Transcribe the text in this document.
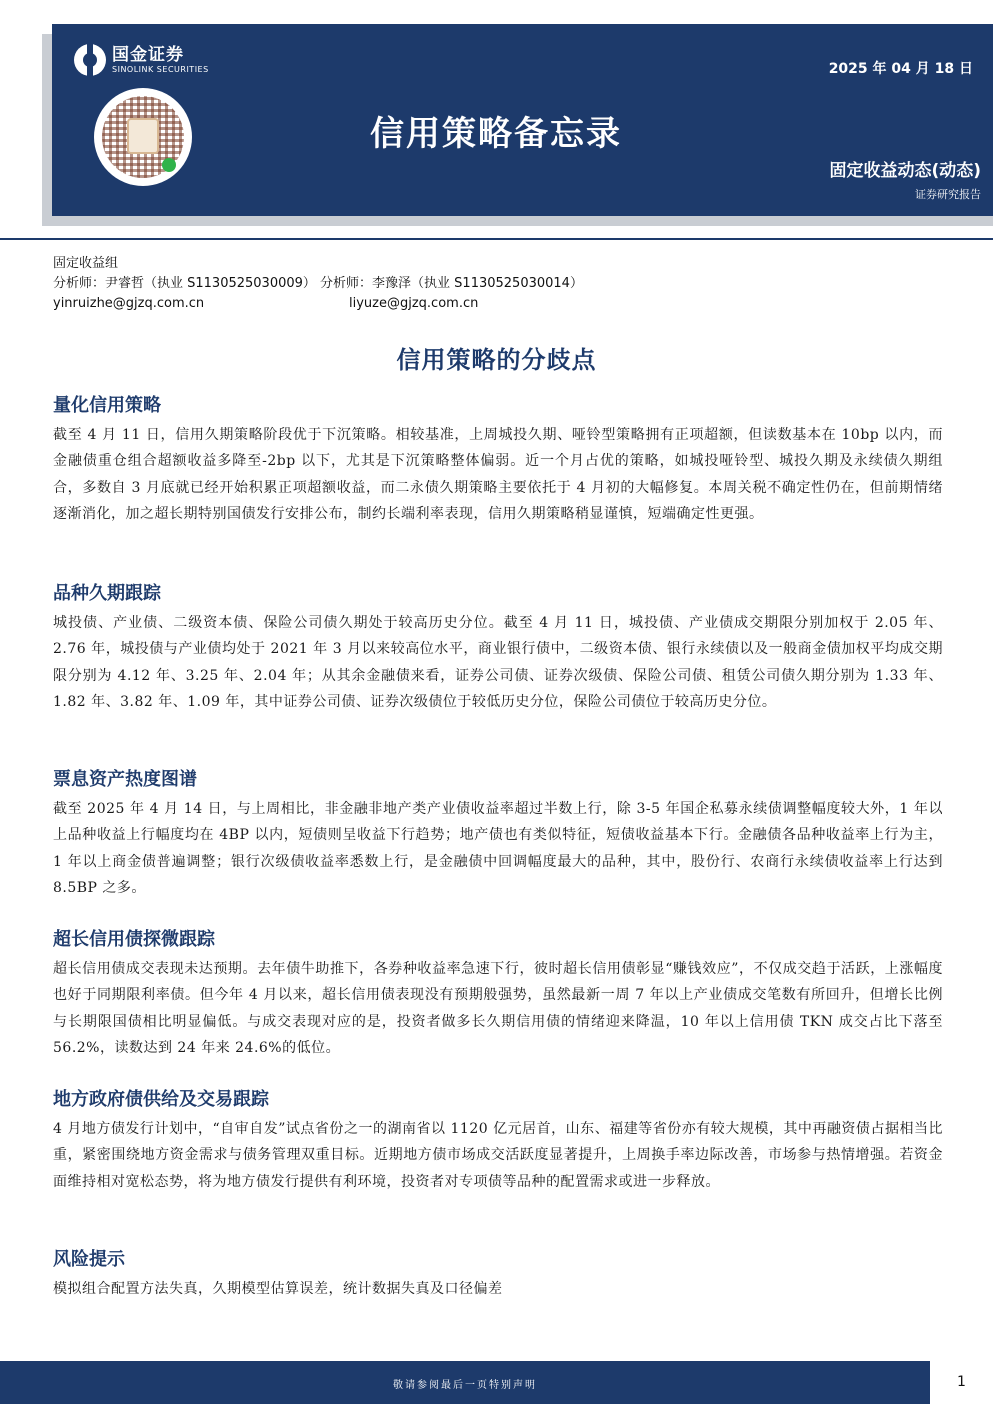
国金证券
SINOLINK SECURITIES	2025 年 04 月 18 日
信用策略备忘录
固定收益动态(动态)
证券研究报告
固定收益组
分析师：尹睿哲（执业 S1130525030009） 分析师：李豫泽（执业 S1130525030014）
yinruizhe@gjzq.com.cn	liyuze@gjzq.com.cn
信用策略的分歧点
量化信用策略
截至 4 月 11 日，信用久期策略阶段优于下沉策略。相较基准，上周城投久期、哑铃型策略拥有正项超额，但读数基本在 10bp 以内，而金融债重仓组合超额收益多降至-2bp 以下，尤其是下沉策略整体偏弱。近一个月占优的策略，如城投哑铃型、城投久期及永续债久期组合，多数自 3 月底就已经开始积累正项超额收益，而二永债久期策略主要依托于 4 月初的大幅修复。本周关税不确定性仍在，但前期情绪逐渐消化，加之超长期特别国债发行安排公布，制约长端利率表现，信用久期策略稍显谨慎，短端确定性更强。
品种久期跟踪
城投债、产业债、二级资本债、保险公司债久期处于较高历史分位。截至 4 月 11 日，城投债、产业债成交期限分别加权于 2.05 年、2.76 年，城投债与产业债均处于 2021 年 3 月以来较高位水平，商业银行债中，二级资本债、银行永续债以及一般商金债加权平均成交期限分别为 4.12 年、3.25 年、2.04 年；从其余金融债来看，证券公司债、证券次级债、保险公司债、租赁公司债久期分别为 1.33 年、1.82 年、3.82 年、1.09 年，其中证券公司债、证券次级债位于较低历史分位，保险公司债位于较高历史分位。
票息资产热度图谱
截至 2025 年 4 月 14 日，与上周相比，非金融非地产类产业债收益率超过半数上行，除 3-5 年国企私募永续债调整幅度较大外，1 年以上品种收益上行幅度均在 4BP 以内，短债则呈收益下行趋势；地产债也有类似特征，短债收益基本下行。金融债各品种收益率上行为主，1 年以上商金债普遍调整；银行次级债收益率悉数上行，是金融债中回调幅度最大的品种，其中，股份行、农商行永续债收益率上行达到 8.5BP 之多。
超长信用债探微跟踪
超长信用债成交表现未达预期。去年债牛助推下，各券种收益率急速下行，彼时超长信用债彰显“赚钱效应”，不仅成交趋于活跃，上涨幅度也好于同期限利率债。但今年 4 月以来，超长信用债表现没有预期般强势，虽然最新一周 7 年以上产业债成交笔数有所回升，但增长比例与长期限国债相比明显偏低。与成交表现对应的是，投资者做多长久期信用债的情绪迎来降温，10 年以上信用债 TKN 成交占比下落至 56.2%，读数达到 24 年来 24.6%的低位。
地方政府债供给及交易跟踪
4 月地方债发行计划中，“自审自发”试点省份之一的湖南省以 1120 亿元居首，山东、福建等省份亦有较大规模，其中再融资债占据相当比重，紧密围绕地方资金需求与债务管理双重目标。近期地方债市场成交活跃度显著提升，上周换手率边际改善，市场参与热情增强。若资金面维持相对宽松态势，将为地方债发行提供有利环境，投资者对专项债等品种的配置需求或进一步释放。
风险提示
模拟组合配置方法失真，久期模型估算误差，统计数据失真及口径偏差
敬请参阅最后一页特别声明	1
